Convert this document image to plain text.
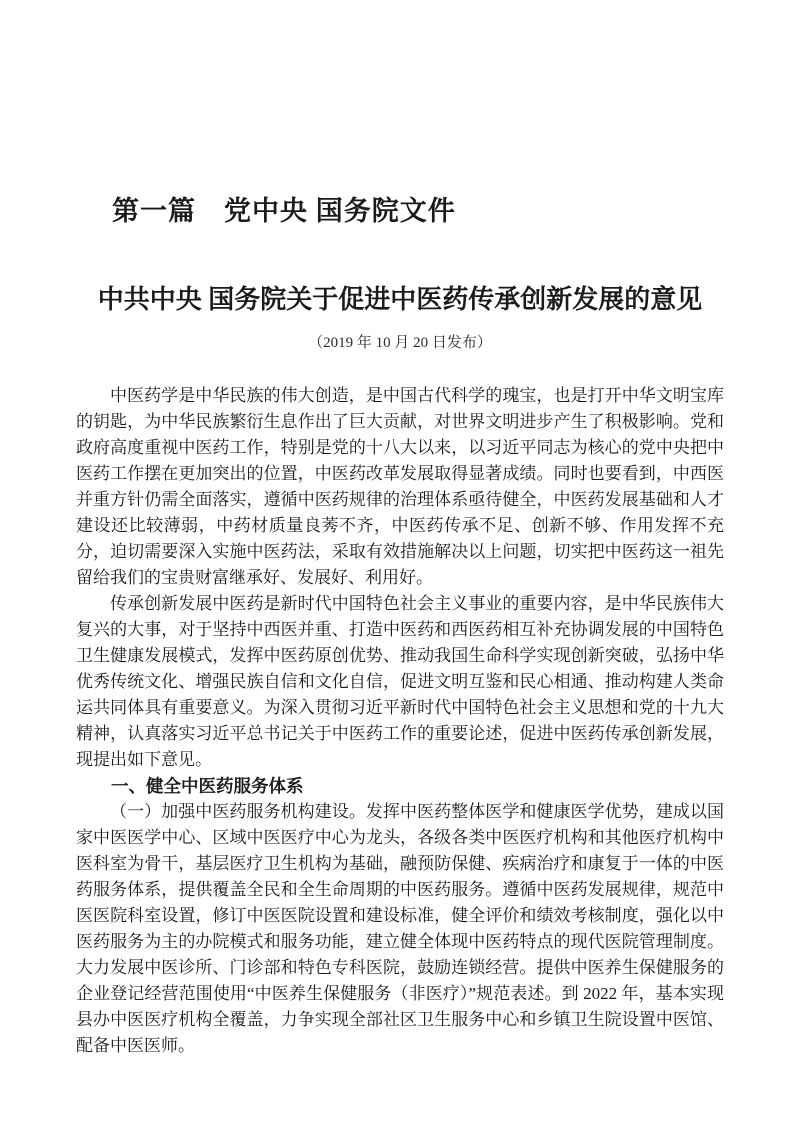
第一篇　党中央 国务院文件
中共中央 国务院关于促进中医药传承创新发展的意见
（2019 年 10 月 20 日发布）

中医药学是中华民族的伟大创造，是中国古代科学的瑰宝，也是打开中华文明宝库的钥匙，为中华民族繁衍生息作出了巨大贡献，对世界文明进步产生了积极影响。党和政府高度重视中医药工作，特别是党的十八大以来，以习近平同志为核心的党中央把中医药工作摆在更加突出的位置，中医药改革发展取得显著成绩。同时也要看到，中西医并重方针仍需全面落实，遵循中医药规律的治理体系亟待健全，中医药发展基础和人才建设还比较薄弱，中药材质量良莠不齐，中医药传承不足、创新不够、作用发挥不充分，迫切需要深入实施中医药法，采取有效措施解决以上问题，切实把中医药这一祖先留给我们的宝贵财富继承好、发展好、利用好。

传承创新发展中医药是新时代中国特色社会主义事业的重要内容，是中华民族伟大复兴的大事，对于坚持中西医并重、打造中医药和西医药相互补充协调发展的中国特色卫生健康发展模式，发挥中医药原创优势、推动我国生命科学实现创新突破，弘扬中华优秀传统文化、增强民族自信和文化自信，促进文明互鉴和民心相通、推动构建人类命运共同体具有重要意义。为深入贯彻习近平新时代中国特色社会主义思想和党的十九大精神，认真落实习近平总书记关于中医药工作的重要论述，促进中医药传承创新发展，现提出如下意见。

一、健全中医药服务体系

（一）加强中医药服务机构建设。发挥中医药整体医学和健康医学优势，建成以国家中医医学中心、区域中医医疗中心为龙头，各级各类中医医疗机构和其他医疗机构中医科室为骨干，基层医疗卫生机构为基础，融预防保健、疾病治疗和康复于一体的中医药服务体系，提供覆盖全民和全生命周期的中医药服务。遵循中医药发展规律，规范中医医院科室设置，修订中医医院设置和建设标准，健全评价和绩效考核制度，强化以中医药服务为主的办院模式和服务功能，建立健全体现中医药特点的现代医院管理制度。大力发展中医诊所、门诊部和特色专科医院，鼓励连锁经营。提供中医养生保健服务的企业登记经营范围使用“中医养生保健服务（非医疗）”规范表述。到 2022 年，基本实现县办中医医疗机构全覆盖，力争实现全部社区卫生服务中心和乡镇卫生院设置中医馆、配备中医医师。
